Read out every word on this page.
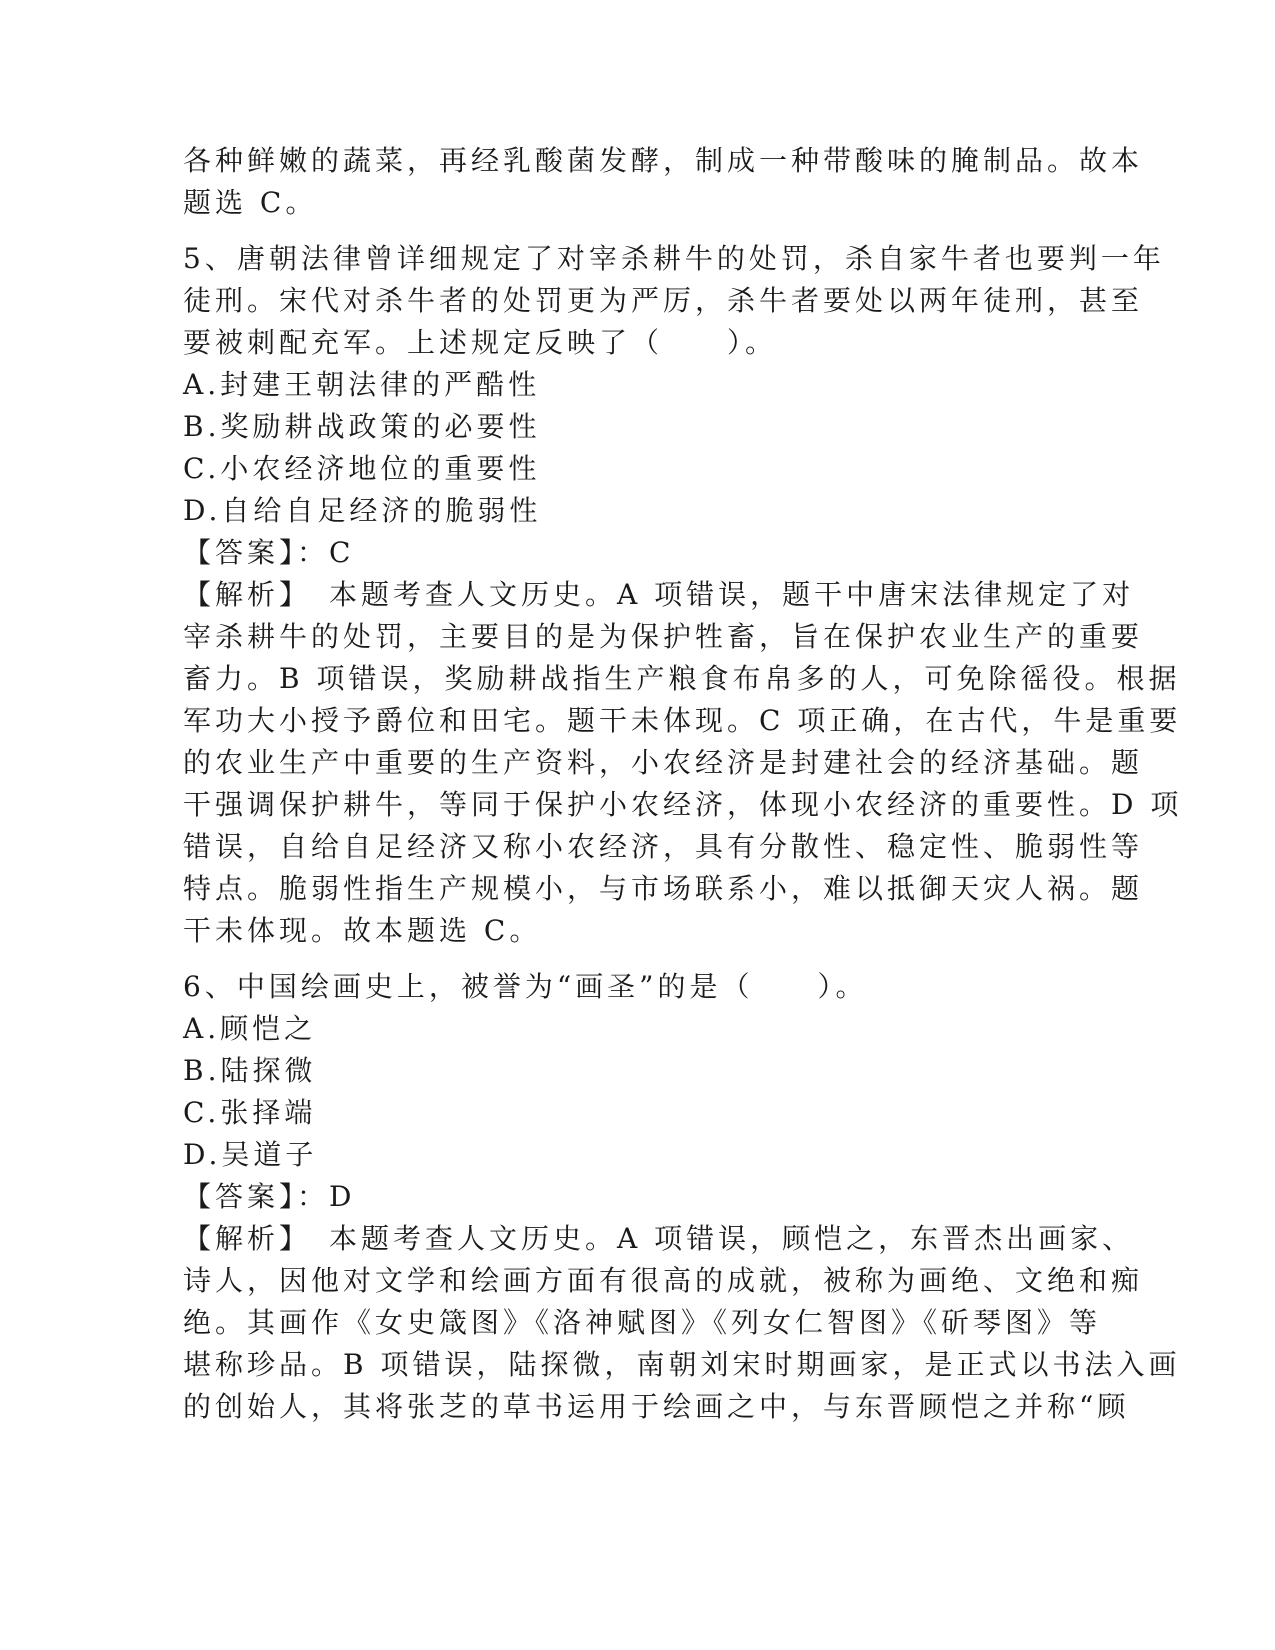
各种鲜嫩的蔬菜，再经乳酸菌发酵，制成一种带酸味的腌制品。故本
题选 C。
5、唐朝法律曾详细规定了对宰杀耕牛的处罚，杀自家牛者也要判一年
徒刑。宋代对杀牛者的处罚更为严厉，杀牛者要处以两年徒刑，甚至
要被刺配充军。上述规定反映了（　　）。
A.封建王朝法律的严酷性
B.奖励耕战政策的必要性
C.小农经济地位的重要性
D.自给自足经济的脆弱性
【答案】：C
【解析】　本题考查人文历史。A 项错误，题干中唐宋法律规定了对
宰杀耕牛的处罚，主要目的是为保护牲畜，旨在保护农业生产的重要
畜力。B 项错误，奖励耕战指生产粮食布帛多的人，可免除徭役。根据
军功大小授予爵位和田宅。题干未体现。C 项正确，在古代，牛是重要
的农业生产中重要的生产资料，小农经济是封建社会的经济基础。题
干强调保护耕牛，等同于保护小农经济，体现小农经济的重要性。D 项
错误，自给自足经济又称小农经济，具有分散性、稳定性、脆弱性等
特点。脆弱性指生产规模小，与市场联系小，难以抵御天灾人祸。题
干未体现。故本题选 C。
6、中国绘画史上，被誉为“画圣”的是（　　）。
A.顾恺之
B.陆探微
C.张择端
D.吴道子
【答案】：D
【解析】　本题考查人文历史。A 项错误，顾恺之，东晋杰出画家、
诗人，因他对文学和绘画方面有很高的成就，被称为画绝、文绝和痴
绝。其画作《女史箴图》《洛神赋图》《列女仁智图》《斫琴图》等
堪称珍品。B 项错误，陆探微，南朝刘宋时期画家，是正式以书法入画
的创始人，其将张芝的草书运用于绘画之中，与东晋顾恺之并称“顾
